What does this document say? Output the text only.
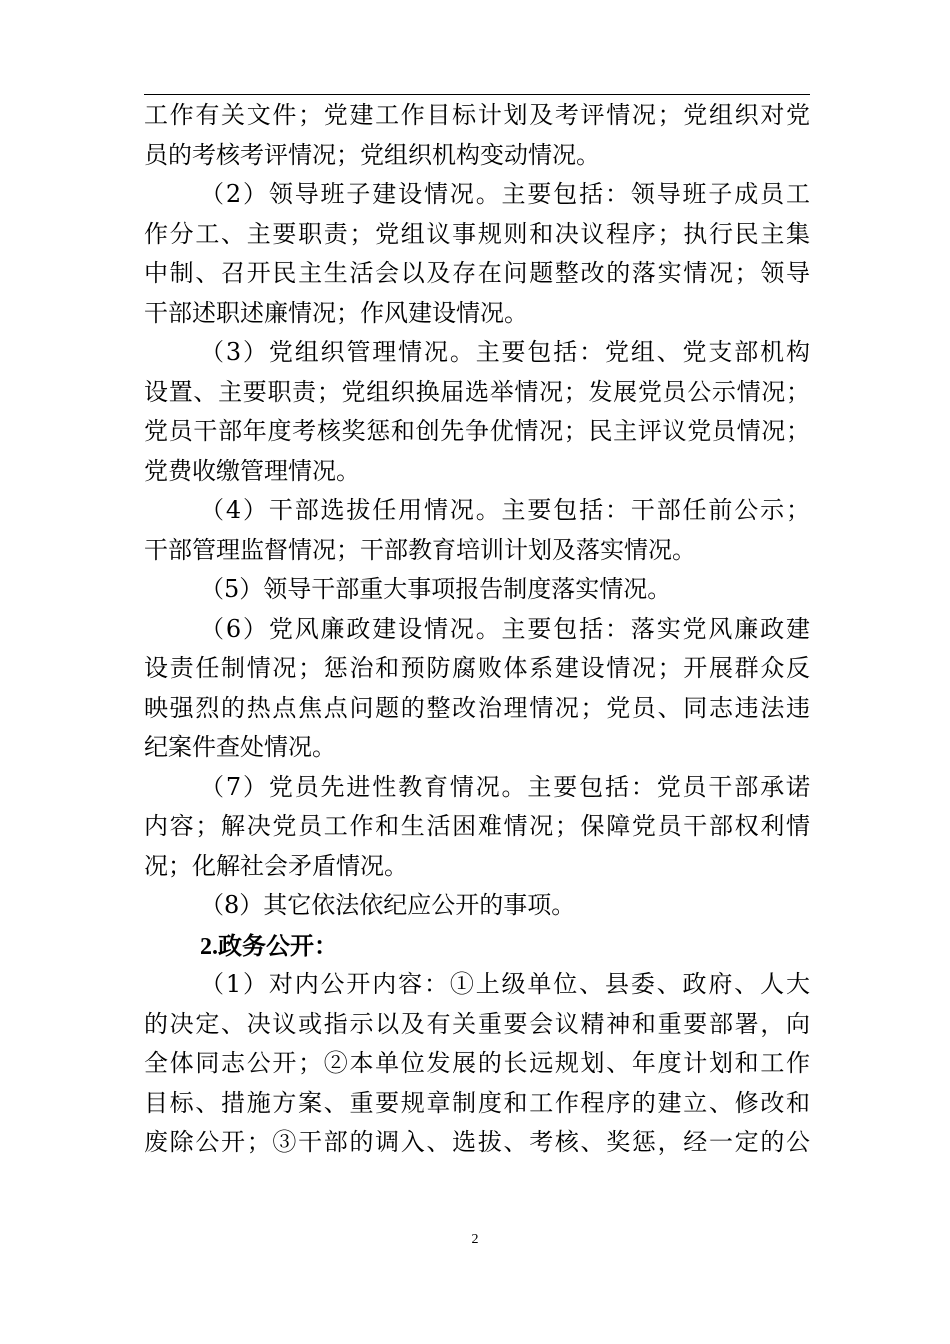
工作有关文件；党建工作目标计划及考评情况；党组织对党
员的考核考评情况；党组织机构变动情况。
（2）领导班子建设情况。主要包括：领导班子成员工
作分工、主要职责；党组议事规则和决议程序；执行民主集
中制、召开民主生活会以及存在问题整改的落实情况；领导
干部述职述廉情况；作风建设情况。
（3）党组织管理情况。主要包括：党组、党支部机构
设置、主要职责；党组织换届选举情况；发展党员公示情况；
党员干部年度考核奖惩和创先争优情况；民主评议党员情况；
党费收缴管理情况。
（4）干部选拔任用情况。主要包括：干部任前公示；
干部管理监督情况；干部教育培训计划及落实情况。
（5）领导干部重大事项报告制度落实情况。
（6）党风廉政建设情况。主要包括：落实党风廉政建
设责任制情况；惩治和预防腐败体系建设情况；开展群众反
映强烈的热点焦点问题的整改治理情况；党员、同志违法违
纪案件查处情况。
（7）党员先进性教育情况。主要包括：党员干部承诺
内容；解决党员工作和生活困难情况；保障党员干部权利情
况；化解社会矛盾情况。
（8）其它依法依纪应公开的事项。
2.政务公开：
（1）对内公开内容：①上级单位、县委、政府、人大
的决定、决议或指示以及有关重要会议精神和重要部署，向
全体同志公开；②本单位发展的长远规划、年度计划和工作
目标、措施方案、重要规章制度和工作程序的建立、修改和
废除公开；③干部的调入、选拔、考核、奖惩，经一定的公
2
